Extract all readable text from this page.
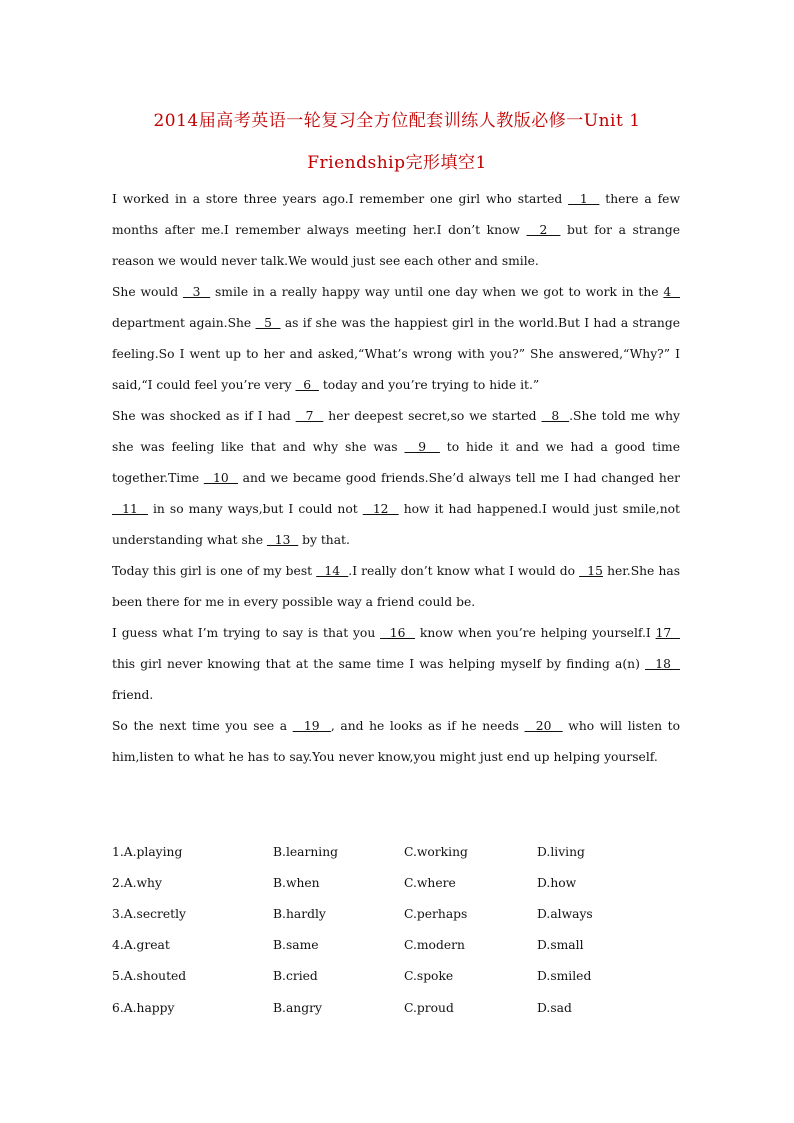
2014届高考英语一轮复习全方位配套训练人教版必修一Unit 1
Friendship完形填空1

I worked in a store three years ago.I remember one girl who started   1   there a few months after me.I remember always meeting her.I don’t know   2   but for a strange reason we would never talk.We would just see each other and smile.

She would   3   smile in a really happy way until one day when we got to work in the 4   department again.She   5   as if she was the happiest girl in the world.But I had a strange feeling.So I went up to her and asked,“What’s wrong with you?” She answered,“Why?” I said,“I could feel you’re very   6   today and you’re trying to hide it.”

She was shocked as if I had   7   her deepest secret,so we started   8  .She told me why she was feeling like that and why she was   9   to hide it and we had a good time together.Time   10   and we became good friends.She’d always tell me I had changed her   11   in so many ways,but I could not   12   how it had happened.I would just smile,not understanding what she   13   by that.

Today this girl is one of my best   14  .I really don’t know what I would do   15 her.She has been there for me in every possible way a friend could be.

I guess what I’m trying to say is that you   16   know when you’re helping yourself.I 17   this girl never knowing that at the same time I was helping myself by finding a(n)   18   friend.

So the next time you see a   19  , and he looks as if he needs   20   who will listen to him,listen to what he has to say.You never know,you might just end up helping yourself.

1.A.playing	B.learning	C.working	D.living
2.A.why	B.when	C.where	D.how
3.A.secretly	B.hardly	C.perhaps	D.always
4.A.great	B.same	C.modern	D.small
5.A.shouted	B.cried	C.spoke	D.smiled
6.A.happy	B.angry	C.proud	D.sad
